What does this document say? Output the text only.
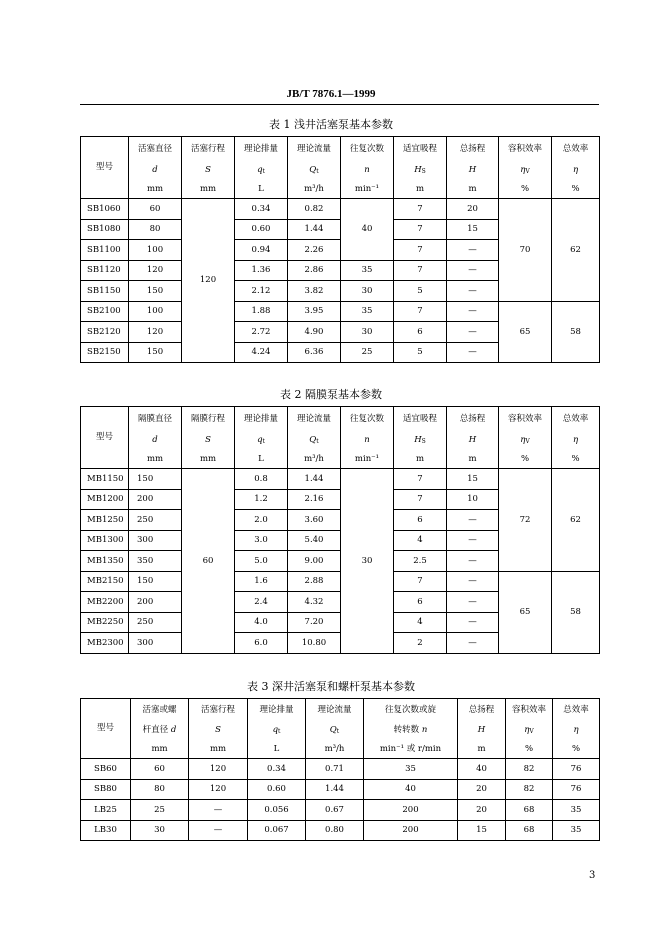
JB/T 7876.1—1999
表 1 浅井活塞泵基本参数
型号	活塞直径	活塞行程	理论排量	理论流量	往复次数	适宜吸程	总扬程	容积效率	总效率
	d	S	$q_t$	$Q_t$	n	$H_S$	H	$\eta_V$	η
	mm	mm	L	m³/h	min⁻¹	m	m	%	%
SB1060	60	120	0.34	0.82	40	7	20	70	62
SB1080	80		0.60	1.44		7	15		
SB1100	100		0.94	2.26		7	—		
SB1120	120		1.36	2.86	35	7	—		
SB1150	150		2.12	3.82	30	5	—		
SB2100	100		1.88	3.95	35	7	—	65	58
SB2120	120		2.72	4.90	30	6	—		
SB2150	150		4.24	6.36	25	5	—		
表 2 隔膜泵基本参数
型号	隔膜直径	隔膜行程	理论排量	理论流量	往复次数	适宜吸程	总扬程	容积效率	总效率
	d	S	$q_t$	$Q_t$	n	$H_S$	H	$\eta_V$	η
	mm	mm	L	m³/h	min⁻¹	m	m	%	%
MB1150	150	60	0.8	1.44	30	7	15	72	62
MB1200	200		1.2	2.16		7	10		
MB1250	250		2.0	3.60		6	—		
MB1300	300		3.0	5.40		4	—		
MB1350	350		5.0	9.00		2.5	—		
MB2150	150		1.6	2.88		7	—	65	58
MB2200	200		2.4	4.32		6	—		
MB2250	250		4.0	7.20		4	—		
MB2300	300		6.0	10.80		2	—		
表 3 深井活塞泵和螺杆泵基本参数
型号	活塞或螺	活塞行程	理论排量	理论流量	往复次数或旋	总扬程	容积效率	总效率
	杆直径 d	S	$q_t$	$Q_t$	转转数 n	H	$\eta_V$	η
	mm	mm	L	m³/h	min⁻¹ 或 r/min	m	%	%
SB60	60	120	0.34	0.71	35	40	82	76
SB80	80	120	0.60	1.44	40	20	82	76
LB25	25	—	0.056	0.67	200	20	68	35
LB30	30	—	0.067	0.80	200	15	68	35
3
